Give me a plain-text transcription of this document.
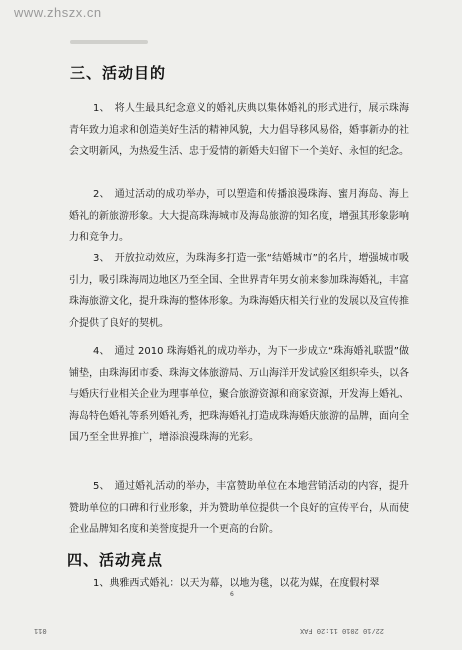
www.zhszx.cn
三、活动目的

1、　将人生最具纪念意义的婚礼庆典以集体婚礼的形式进行，展示珠海青年致力追求和创造美好生活的精神风貌，大力倡导移风易俗，婚事新办的社会文明新风，为热爱生活、忠于爱情的新婚夫妇留下一个美好、永恒的纪念。

2、　通过活动的成功举办，可以塑造和传播浪漫珠海、蜜月海岛、海上婚礼的新旅游形象。大大提高珠海城市及海岛旅游的知名度，增强其形象影响力和竞争力。

3、　开放拉动效应，为珠海多打造一张“结婚城市”的名片，增强城市吸引力，吸引珠海周边地区乃至全国、全世界青年男女前来参加珠海婚礼，丰富珠海旅游文化，提升珠海的整体形象。为珠海婚庆相关行业的发展以及宣传推介提供了良好的契机。

4、　通过 2010 珠海婚礼的成功举办，为下一步成立“珠海婚礼联盟”做铺垫，由珠海团市委、珠海文体旅游局、万山海洋开发试验区组织牵头，以各与婚庆行业相关企业为理事单位，聚合旅游资源和商家资源，开发海上婚礼、海岛特色婚礼等系列婚礼秀，把珠海婚礼打造成珠海婚庆旅游的品牌，面向全国乃至全世界推广，增添浪漫珠海的光彩。

5、　通过婚礼活动的举办，丰富赞助单位在本地营销活动的内容，提升赞助单位的口碑和行业形象，并为赞助单位提供一个良好的宣传平台，从而使企业品牌知名度和美誉度提升一个更高的台阶。

四、活动亮点
1、典雅西式婚礼：以天为幕，以地为毯，以花为媒，在度假村翠
6
011	22/10 2010 11:20 FAX
